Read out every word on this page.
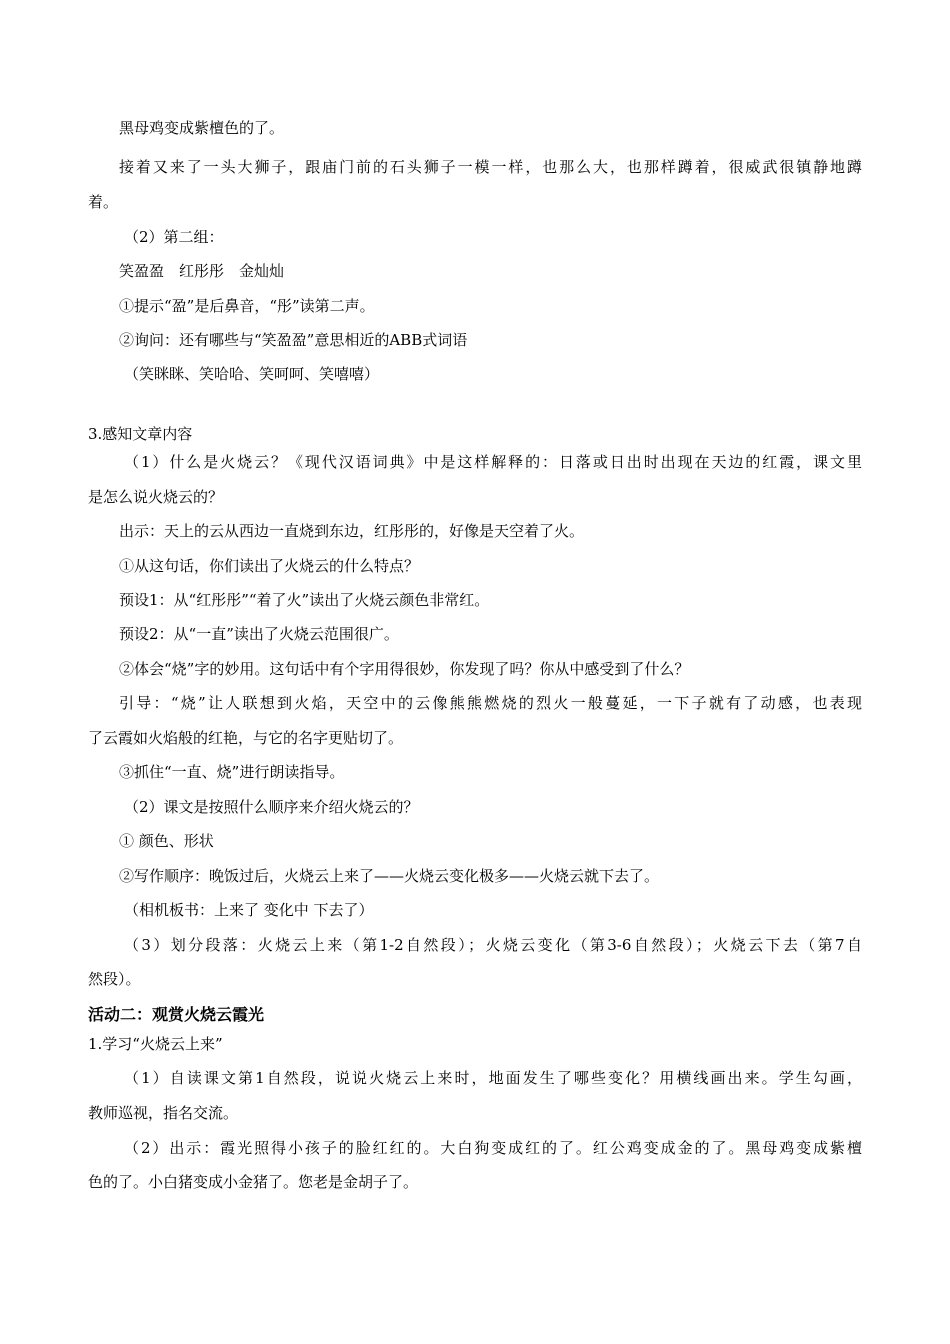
黑母鸡变成紫檀色的了。
接着又来了一头大狮子，跟庙门前的石头狮子一模一样，也那么大，也那样蹲着，很威武很镇静地蹲
着。
（2）第二组：
笑盈盈　红彤彤　金灿灿
①提示“盈”是后鼻音，“彤”读第二声。
②询问：还有哪些与“笑盈盈”意思相近的ABB式词语
（笑眯眯、笑哈哈、笑呵呵、笑嘻嘻）
3.感知文章内容
（1）什么是火烧云？《现代汉语词典》中是这样解释的：日落或日出时出现在天边的红霞，课文里
是怎么说火烧云的？
出示：天上的云从西边一直烧到东边，红彤彤的，好像是天空着了火。
①从这句话，你们读出了火烧云的什么特点？
预设1：从“红彤彤”“着了火”读出了火烧云颜色非常红。
预设2：从“一直”读出了火烧云范围很广。
②体会“烧”字的妙用。这句话中有个字用得很妙，你发现了吗？你从中感受到了什么？
引导：“烧”让人联想到火焰，天空中的云像熊熊燃烧的烈火一般蔓延，一下子就有了动感，也表现
了云霞如火焰般的红艳，与它的名字更贴切了。
③抓住“一直、烧”进行朗读指导。
（2）课文是按照什么顺序来介绍火烧云的？
① 颜色、形状
②写作顺序：晚饭过后，火烧云上来了——火烧云变化极多——火烧云就下去了。
（相机板书：上来了 变化中 下去了）
（3）划分段落：火烧云上来（第1-2自然段）；火烧云变化（第3-6自然段）；火烧云下去（第7自
然段）。
活动二：观赏火烧云霞光
1.学习“火烧云上来”
（1）自读课文第1自然段，说说火烧云上来时，地面发生了哪些变化？用横线画出来。学生勾画，
教师巡视，指名交流。
（2）出示：霞光照得小孩子的脸红红的。大白狗变成红的了。红公鸡变成金的了。黑母鸡变成紫檀
色的了。小白猪变成小金猪了。您老是金胡子了。
